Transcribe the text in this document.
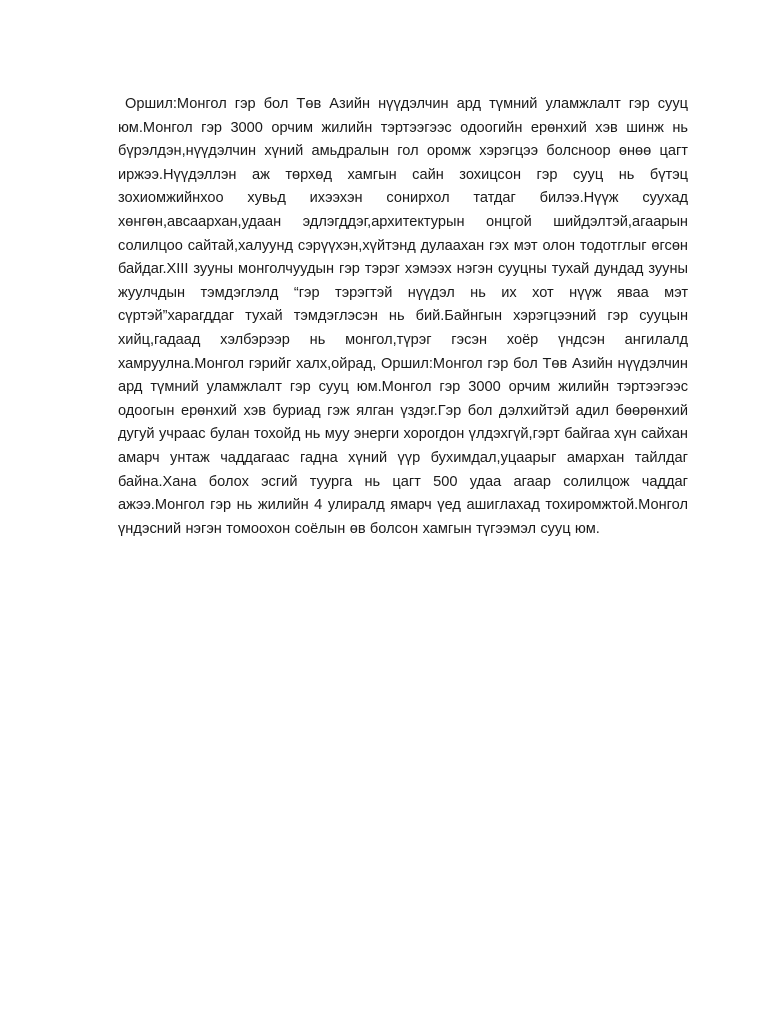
Оршил:Монгол гэр бол Төв Азийн нүүдэлчин ард түмний уламжлалт гэр сууц юм.Монгол гэр 3000 орчим жилийн тэртээгээс одоогийн ерөнхий хэв шинж нь бүрэлдэн,нүүдэлчин хүний амьдралын гол оромж хэрэгцээ болсноор өнөө цагт иржээ.Нүүдэллэн аж төрхөд хамгын сайн зохицсон гэр сууц нь бүтэц зохиомжийнхоо хувьд ихээхэн сонирхол татдаг билээ.Нүүж суухад хөнгөн,авсаархан,удаан эдлэгддэг,архитектурын онцгой шийдэлтэй,агаарын солилцоо сайтай,халуунд сэрүүхэн,хүйтэнд дулаахан гэх мэт олон тодотглыг өгсөн байдаг.XIII зууны монголчуудын гэр тэрэг хэмээх нэгэн сууцны тухай дундад зууны жуулчдын тэмдэглэлд “гэр тэрэгтэй нүүдэл нь их хот нүүж яваа мэт сүртэй”харагддаг тухай тэмдэглэсэн нь бий.Байнгын хэрэгцээний гэр сууцын хийц,гадаад хэлбэрээр нь монгол,түрэг гэсэн хоёр үндсэн ангилалд хамруулна.Монгол гэрийг халх,ойрад, Оршил:Монгол гэр бол Төв Азийн нүүдэлчин ард түмний уламжлалт гэр сууц юм.Монгол гэр 3000 орчим жилийн тэртээгээс одоогын ерөнхий хэв буриад гэж ялган үздэг.Гэр бол дэлхийтэй адил бөөрөнхий дугуй учраас булан тохойд нь муу энерги хорогдон үлдэхгүй,гэрт байгаа хүн сайхан амарч унтаж чаддагаас гадна хүний үүр бухимдал,уцаарыг амархан тайлдаг байна.Хана болох эсгий туурга нь цагт 500 удаа агаар солилцож чаддаг ажээ.Монгол гэр нь жилийн 4 улиралд ямарч үед ашиглахад тохиромжтой.Монгол үндэсний нэгэн томоохон соёлын өв болсон хамгын түгээмэл сууц юм.
